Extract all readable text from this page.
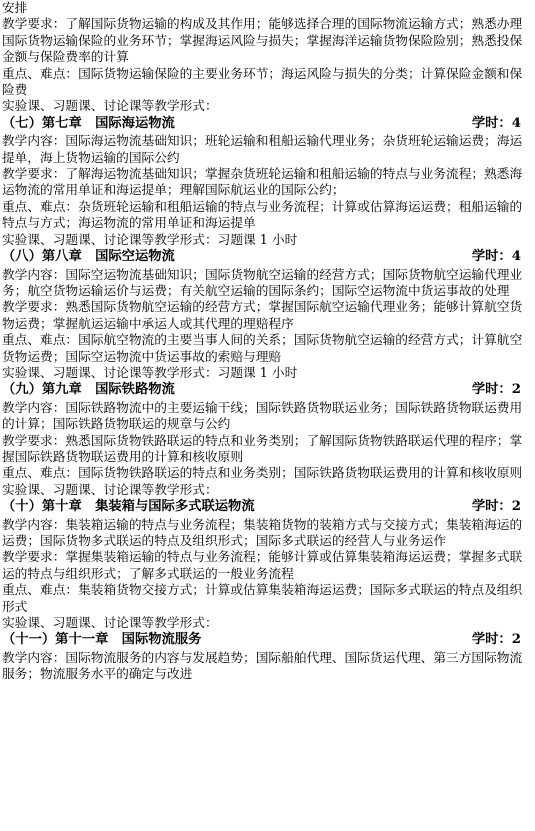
安排

教学要求：了解国际货物运输的构成及其作用；能够选择合理的国际物流运输方式；熟悉办理国际货物运输保险的业务环节；掌握海运风险与损失；掌握海洋运输货物保险险别；熟悉投保金额与保险费率的计算

重点、难点：国际货物运输保险的主要业务环节；海运风险与损失的分类；计算保险金额和保险费

实验课、习题课、讨论课等教学形式：

（七）第七章　国际海运物流	学时：4

教学内容：国际海运物流基础知识；班轮运输和租船运输代理业务；杂货班轮运输运费；海运提单，海上货物运输的国际公约

教学要求：了解海运物流基础知识；掌握杂货班轮运输和租船运输的特点与业务流程；熟悉海运物流的常用单证和海运提单；理解国际航运业的国际公约；

重点、难点：杂货班轮运输和租船运输的特点与业务流程；计算或估算海运运费；租船运输的特点与方式；海运物流的常用单证和海运提单

实验课、习题课、讨论课等教学形式：习题课 1 小时

（八）第八章　国际空运物流	学时：4

教学内容：国际空运物流基础知识；国际货物航空运输的经营方式；国际货物航空运输代理业务；航空货物运输运价与运费；有关航空运输的国际条约；国际空运物流中货运事故的处理

教学要求：熟悉国际货物航空运输的经营方式；掌握国际航空运输代理业务；能够计算航空货物运费；掌握航运运输中承运人或其代理的理赔程序

重点、难点：国际航空物流的主要当事人间的关系；国际货物航空运输的经营方式；计算航空货物运费；国际空运物流中货运事故的索赔与理赔

实验课、习题课、讨论课等教学形式：习题课 1 小时

（九）第九章　国际铁路物流	学时：2

教学内容：国际铁路物流中的主要运输干线；国际铁路货物联运业务；国际铁路货物联运费用的计算；国际铁路货物联运的规章与公约

教学要求：熟悉国际货物铁路联运的特点和业务类别；了解国际货物铁路联运代理的程序；掌握国际铁路货物联运费用的计算和核收原则

重点、难点：国际货物铁路联运的特点和业务类别；国际铁路货物联运费用的计算和核收原则

实验课、习题课、讨论课等教学形式：

（十）第十章　集装箱与国际多式联运物流	学时：2

教学内容：集装箱运输的特点与业务流程；集装箱货物的装箱方式与交接方式；集装箱海运的运费；国际货物多式联运的特点及组织形式；国际多式联运的经营人与业务运作

教学要求：掌握集装箱运输的特点与业务流程；能够计算或估算集装箱海运运费；掌握多式联运的特点与组织形式；了解多式联运的一般业务流程

重点、难点：集装箱货物交接方式；计算或估算集装箱海运运费；国际多式联运的特点及组织形式

实验课、习题课、讨论课等教学形式：

（十一）第十一章　国际物流服务	学时：2

教学内容：国际物流服务的内容与发展趋势；国际船舶代理、国际货运代理、第三方国际物流服务；物流服务水平的确定与改进
